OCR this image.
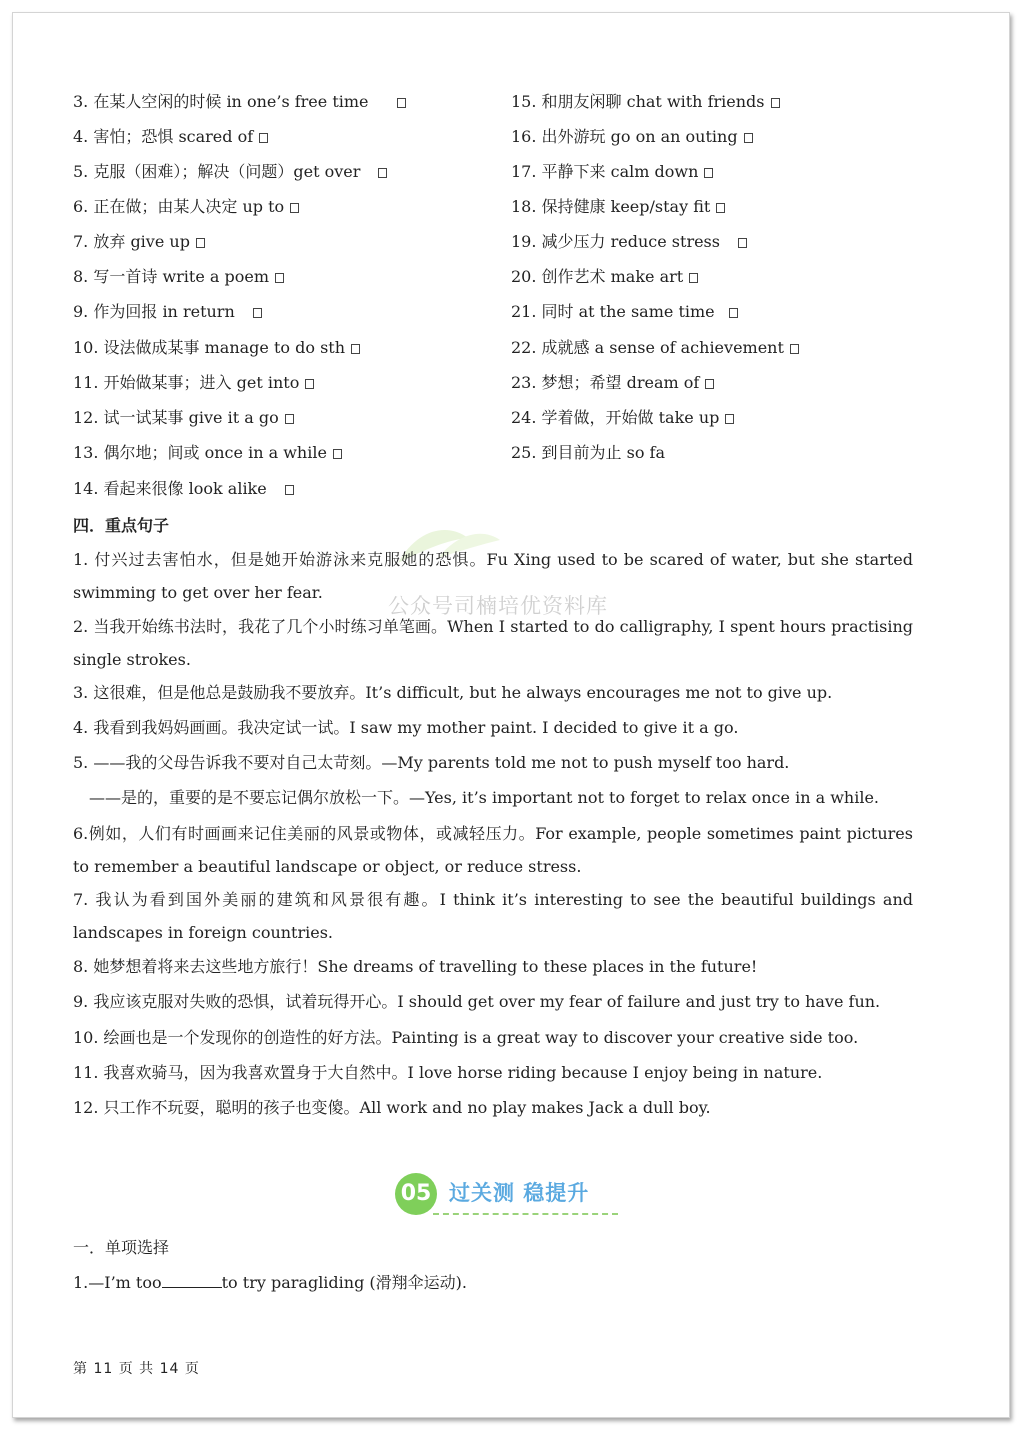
3. 在某人空闲的时候 in one’s free time
4. 害怕；恐惧 scared of
5. 克服（困难）；解决（问题）get over
6. 正在做；由某人决定 up to
7. 放弃 give up
8. 写一首诗 write a poem
9. 作为回报 in return
10. 设法做成某事 manage to do sth
11. 开始做某事；进入 get into
12. 试一试某事 give it a go
13. 偶尔地；间或 once in a while
14. 看起来很像 look alike
15. 和朋友闲聊 chat with friends
16. 出外游玩 go on an outing
17. 平静下来 calm down
18. 保持健康 keep/stay fit
19. 减少压力 reduce stress
20. 创作艺术 make art
21. 同时 at the same time
22. 成就感 a sense of achievement
23. 梦想；希望 dream of
24. 学着做，开始做 take up
25. 到目前为止 so fa
四．重点句子
公众号司楠培优资料库
1. 付兴过去害怕水，但是她开始游泳来克服她的恐惧。Fu Xing used to be scared of water, but she started swimming to get over her fear.
2. 当我开始练书法时，我花了几个小时练习单笔画。When I started to do calligraphy, I spent hours practising single strokes.
3. 这很难，但是他总是鼓励我不要放弃。It’s difficult, but he always encourages me not to give up.
4. 我看到我妈妈画画。我决定试一试。I saw my mother paint. I decided to give it a go.
5. ——我的父母告诉我不要对自己太苛刻。—My parents told me not to push myself too hard.
——是的，重要的是不要忘记偶尔放松一下。—Yes, it’s important not to forget to relax once in a while.
6.例如，人们有时画画来记住美丽的风景或物体，或减轻压力。For example, people sometimes paint pictures to remember a beautiful landscape or object, or reduce stress.
7. 我认为看到国外美丽的建筑和风景很有趣。I think it’s interesting to see the beautiful buildings and landscapes in foreign countries.
8. 她梦想着将来去这些地方旅行！She dreams of travelling to these places in the future!
9. 我应该克服对失败的恐惧，试着玩得开心。I should get over my fear of failure and just try to have fun.
10. 绘画也是一个发现你的创造性的好方法。Painting is a great way to discover your creative side too.
11. 我喜欢骑马，因为我喜欢置身于大自然中。I love horse riding because I enjoy being in nature.
12. 只工作不玩耍，聪明的孩子也变傻。All work and no play makes Jack a dull boy.
05 过关测 稳提升
一．单项选择
1.—I’m too	to try paragliding (滑翔伞运动).
第 11 页 共 14 页
